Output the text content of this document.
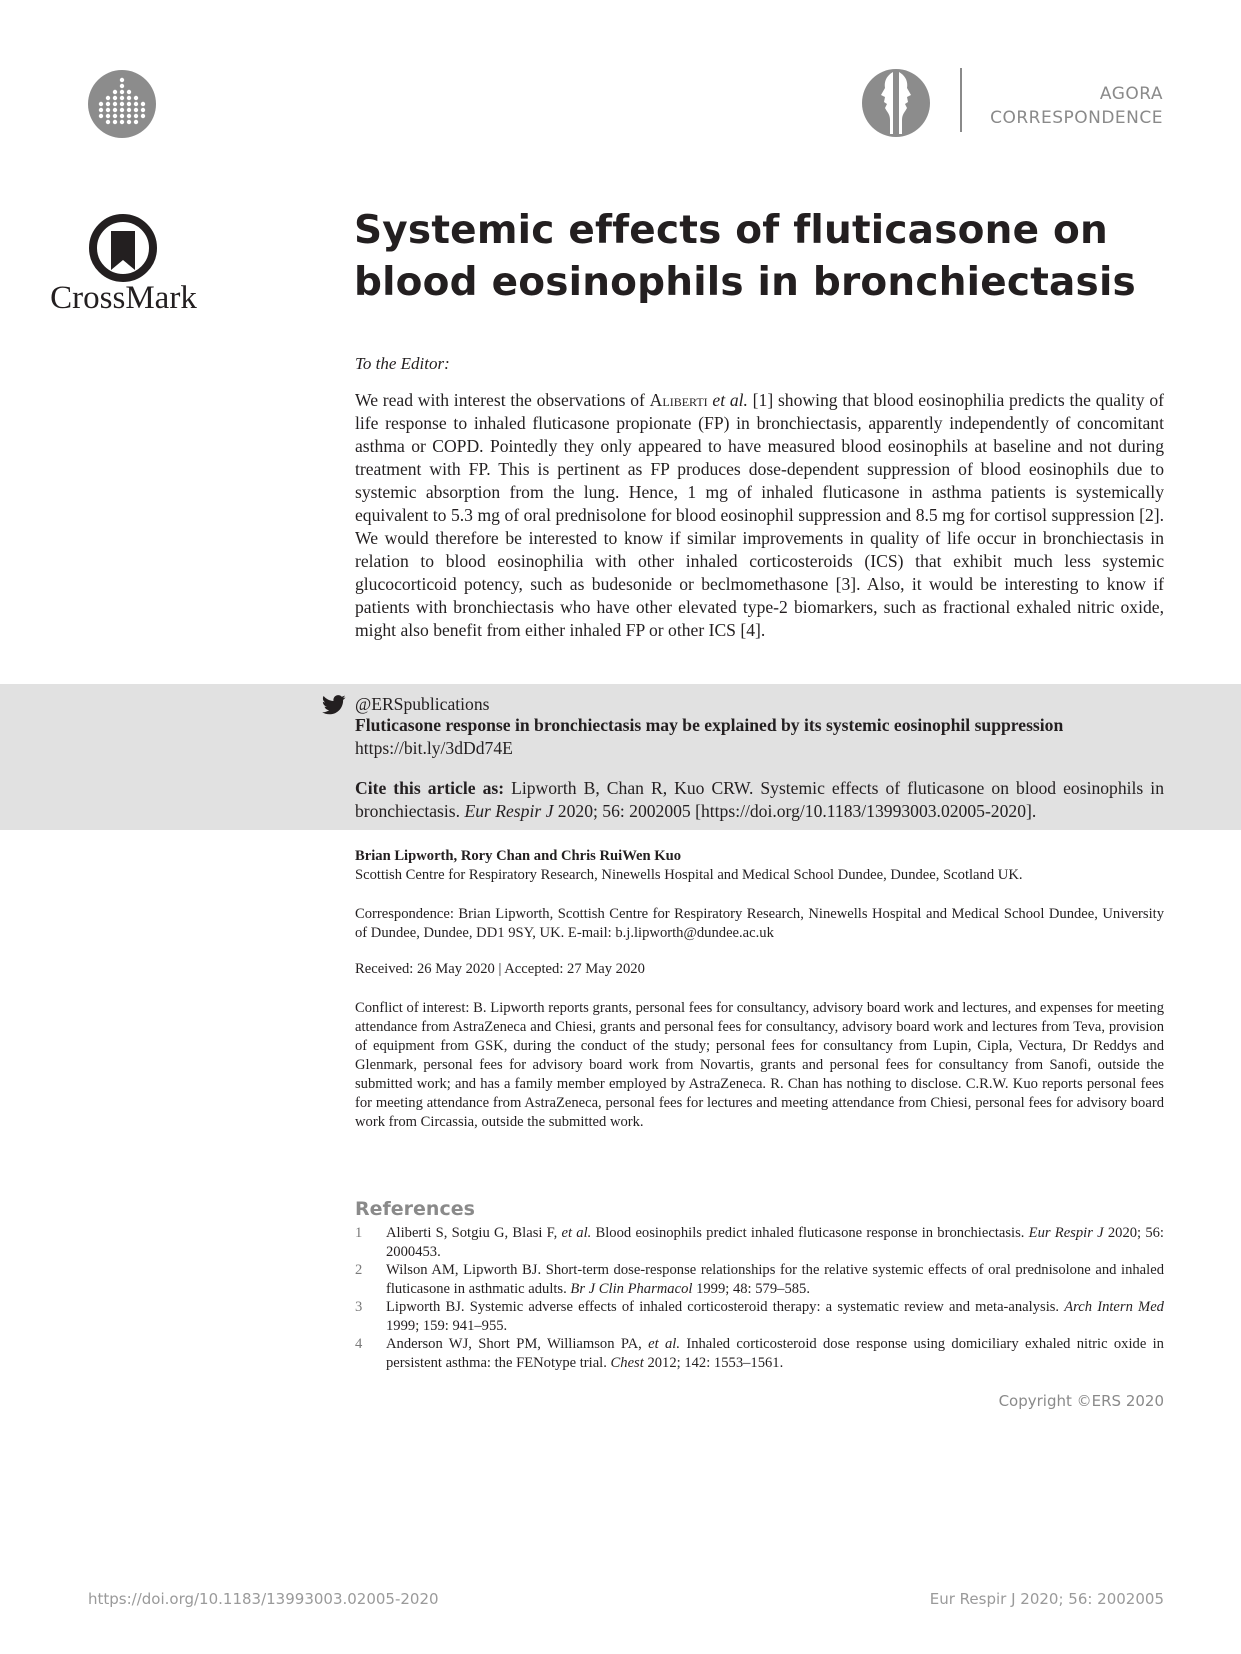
AGORA
CORRESPONDENCE
CrossMark
Systemic effects of fluticasone on blood eosinophils in bronchiectasis
To the Editor:
We read with interest the observations of Aliberti et al. [1] showing that blood eosinophilia predicts the quality of life response to inhaled fluticasone propionate (FP) in bronchiectasis, apparently independently of concomitant asthma or COPD. Pointedly they only appeared to have measured blood eosinophils at baseline and not during treatment with FP. This is pertinent as FP produces dose-dependent suppression of blood eosinophils due to systemic absorption from the lung. Hence, 1 mg of inhaled fluticasone in asthma patients is systemically equivalent to 5.3 mg of oral prednisolone for blood eosinophil suppression and 8.5 mg for cortisol suppression [2]. We would therefore be interested to know if similar improvements in quality of life occur in bronchiectasis in relation to blood eosinophilia with other inhaled corticosteroids (ICS) that exhibit much less systemic glucocorticoid potency, such as budesonide or beclmomethasone [3]. Also, it would be interesting to know if patients with bronchiectasis who have other elevated type-2 biomarkers, such as fractional exhaled nitric oxide, might also benefit from either inhaled FP or other ICS [4].
@ERSpublications
Fluticasone response in bronchiectasis may be explained by its systemic eosinophil suppression https://bit.ly/3dDd74E
Cite this article as: Lipworth B, Chan R, Kuo CRW. Systemic effects of fluticasone on blood eosinophils in bronchiectasis. Eur Respir J 2020; 56: 2002005 [https://doi.org/10.1183/13993003.02005-2020].
Brian Lipworth, Rory Chan and Chris RuiWen Kuo
Scottish Centre for Respiratory Research, Ninewells Hospital and Medical School Dundee, Dundee, Scotland UK.
Correspondence: Brian Lipworth, Scottish Centre for Respiratory Research, Ninewells Hospital and Medical School Dundee, University of Dundee, Dundee, DD1 9SY, UK. E-mail: b.j.lipworth@dundee.ac.uk
Received: 26 May 2020 | Accepted: 27 May 2020
Conflict of interest: B. Lipworth reports grants, personal fees for consultancy, advisory board work and lectures, and expenses for meeting attendance from AstraZeneca and Chiesi, grants and personal fees for consultancy, advisory board work and lectures from Teva, provision of equipment from GSK, during the conduct of the study; personal fees for consultancy from Lupin, Cipla, Vectura, Dr Reddys and Glenmark, personal fees for advisory board work from Novartis, grants and personal fees for consultancy from Sanofi, outside the submitted work; and has a family member employed by AstraZeneca. R. Chan has nothing to disclose. C.R.W. Kuo reports personal fees for meeting attendance from AstraZeneca, personal fees for lectures and meeting attendance from Chiesi, personal fees for advisory board work from Circassia, outside the submitted work.
References
1 Aliberti S, Sotgiu G, Blasi F, et al. Blood eosinophils predict inhaled fluticasone response in bronchiectasis. Eur Respir J 2020; 56: 2000453.
2 Wilson AM, Lipworth BJ. Short-term dose-response relationships for the relative systemic effects of oral prednisolone and inhaled fluticasone in asthmatic adults. Br J Clin Pharmacol 1999; 48: 579–585.
3 Lipworth BJ. Systemic adverse effects of inhaled corticosteroid therapy: a systematic review and meta-analysis. Arch Intern Med 1999; 159: 941–955.
4 Anderson WJ, Short PM, Williamson PA, et al. Inhaled corticosteroid dose response using domiciliary exhaled nitric oxide in persistent asthma: the FENotype trial. Chest 2012; 142: 1553–1561.
Copyright ©ERS 2020
https://doi.org/10.1183/13993003.02005-2020	Eur Respir J 2020; 56: 2002005
